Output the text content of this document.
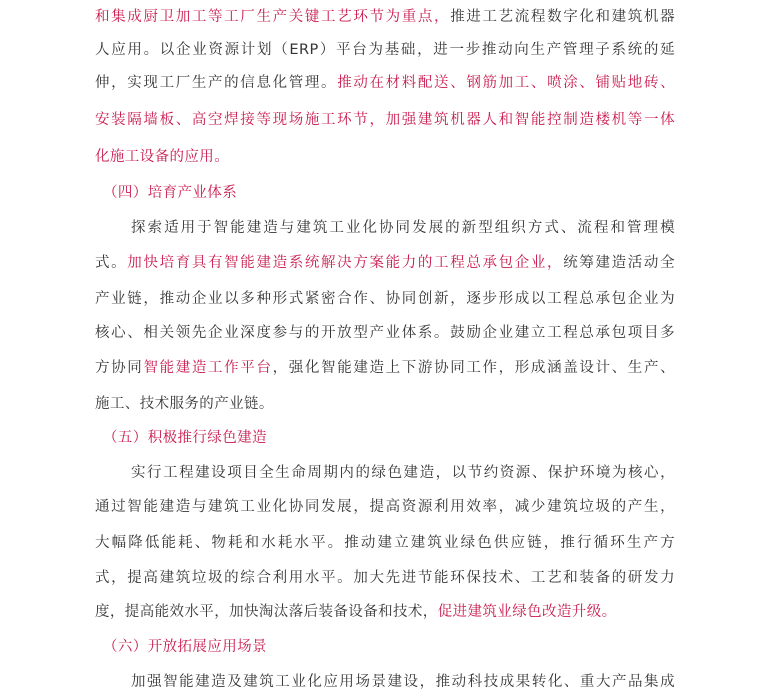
和集成厨卫加工等工厂生产关键工艺环节为重点，推进工艺流程数字化和建筑机器
人应用。以企业资源计划（ERP）平台为基础，进一步推动向生产管理子系统的延
伸，实现工厂生产的信息化管理。推动在材料配送、钢筋加工、喷涂、铺贴地砖、
安装隔墙板、高空焊接等现场施工环节，加强建筑机器人和智能控制造楼机等一体
化施工设备的应用。
（四）培育产业体系
探索适用于智能建造与建筑工业化协同发展的新型组织方式、流程和管理模
式。加快培育具有智能建造系统解决方案能力的工程总承包企业，统筹建造活动全
产业链，推动企业以多种形式紧密合作、协同创新，逐步形成以工程总承包企业为
核心、相关领先企业深度参与的开放型产业体系。鼓励企业建立工程总承包项目多
方协同智能建造工作平台，强化智能建造上下游协同工作，形成涵盖设计、生产、
施工、技术服务的产业链。
（五）积极推行绿色建造
实行工程建设项目全生命周期内的绿色建造，以节约资源、保护环境为核心，
通过智能建造与建筑工业化协同发展，提高资源利用效率，减少建筑垃圾的产生，
大幅降低能耗、物耗和水耗水平。推动建立建筑业绿色供应链，推行循环生产方
式，提高建筑垃圾的综合利用水平。加大先进节能环保技术、工艺和装备的研发力
度，提高能效水平，加快淘汰落后装备设备和技术，促进建筑业绿色改造升级。
（六）开放拓展应用场景
加强智能建造及建筑工业化应用场景建设，推动科技成果转化、重大产品集成
